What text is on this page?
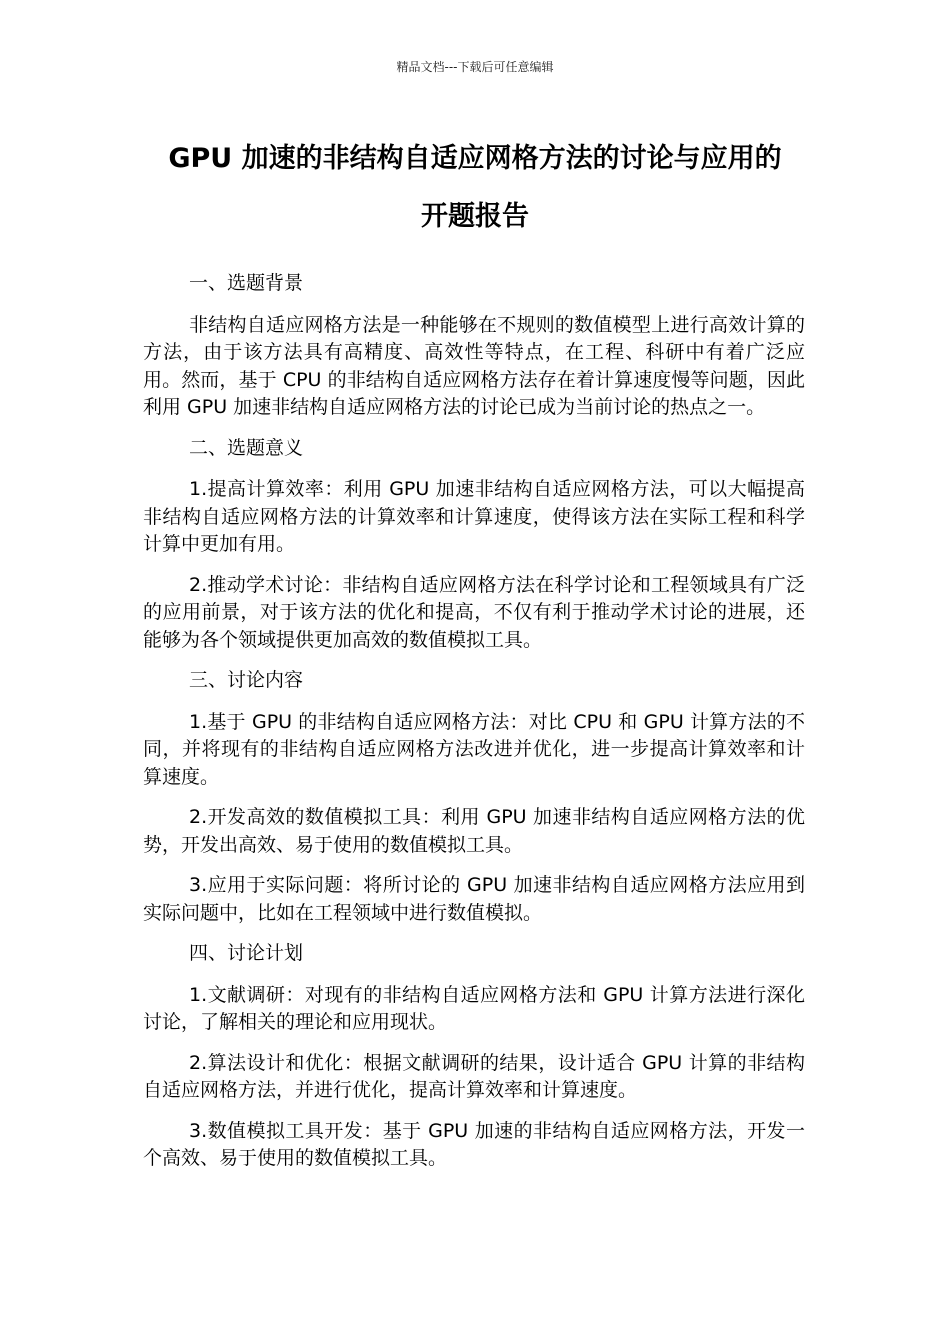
精品文档---下载后可任意编辑
GPU 加速的非结构自适应网格方法的讨论与应用的
开题报告

一、选题背景

非结构自适应网格方法是一种能够在不规则的数值模型上进行高效计算的方法，由于该方法具有高精度、高效性等特点，在工程、科研中有着广泛应用。然而，基于 CPU 的非结构自适应网格方法存在着计算速度慢等问题，因此利用 GPU 加速非结构自适应网格方法的讨论已成为当前讨论的热点之一。

二、选题意义

1.提高计算效率：利用 GPU 加速非结构自适应网格方法，可以大幅提高非结构自适应网格方法的计算效率和计算速度，使得该方法在实际工程和科学计算中更加有用。

2.推动学术讨论：非结构自适应网格方法在科学讨论和工程领域具有广泛的应用前景，对于该方法的优化和提高，不仅有利于推动学术讨论的进展，还能够为各个领域提供更加高效的数值模拟工具。

三、讨论内容

1.基于 GPU 的非结构自适应网格方法：对比 CPU 和 GPU 计算方法的不同，并将现有的非结构自适应网格方法改进并优化，进一步提高计算效率和计算速度。

2.开发高效的数值模拟工具：利用 GPU 加速非结构自适应网格方法的优势，开发出高效、易于使用的数值模拟工具。

3.应用于实际问题：将所讨论的 GPU 加速非结构自适应网格方法应用到实际问题中，比如在工程领域中进行数值模拟。

四、讨论计划

1.文献调研：对现有的非结构自适应网格方法和 GPU 计算方法进行深化讨论，了解相关的理论和应用现状。

2.算法设计和优化：根据文献调研的结果，设计适合 GPU 计算的非结构自适应网格方法，并进行优化，提高计算效率和计算速度。

3.数值模拟工具开发：基于 GPU 加速的非结构自适应网格方法，开发一个高效、易于使用的数值模拟工具。
